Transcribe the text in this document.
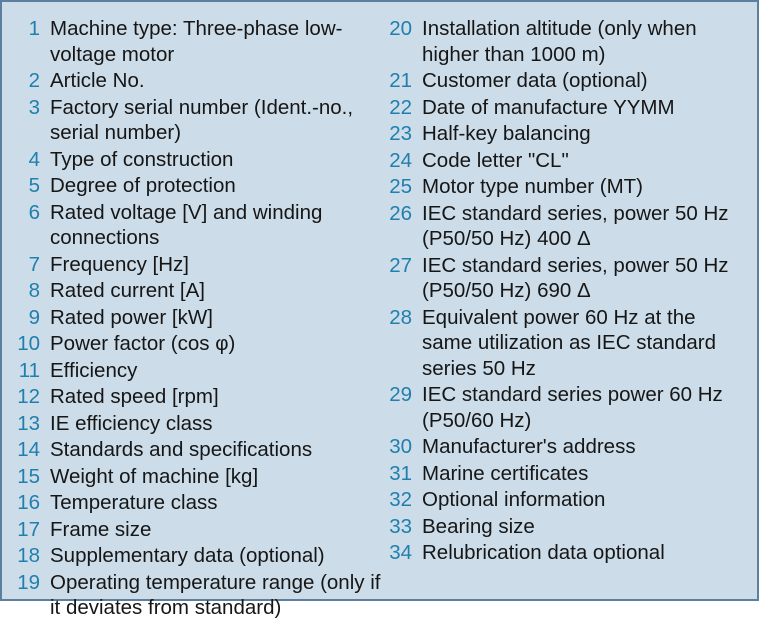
1 Machine type: Three-phase low-voltage motor
2 Article No.
3 Factory serial number (Ident.-no., serial number)
4 Type of construction
5 Degree of protection
6 Rated voltage [V] and winding connections
7 Frequency [Hz]
8 Rated current [A]
9 Rated power [kW]
10 Power factor (cos φ)
11 Efficiency
12 Rated speed [rpm]
13 IE efficiency class
14 Standards and specifications
15 Weight of machine [kg]
16 Temperature class
17 Frame size
18 Supplementary data (optional)
19 Operating temperature range (only if it deviates from standard)
20 Installation altitude (only when higher than 1000 m)
21 Customer data (optional)
22 Date of manufacture YYMM
23 Half-key balancing
24 Code letter "CL"
25 Motor type number (MT)
26 IEC standard series, power 50 Hz (P50/50 Hz) 400 Δ
27 IEC standard series, power 50 Hz (P50/50 Hz) 690 Δ
28 Equivalent power 60 Hz at the same utilization as IEC standard series 50 Hz
29 IEC standard series power 60 Hz (P50/60 Hz)
30 Manufacturer's address
31 Marine certificates
32 Optional information
33 Bearing size
34 Relubrication data optional
